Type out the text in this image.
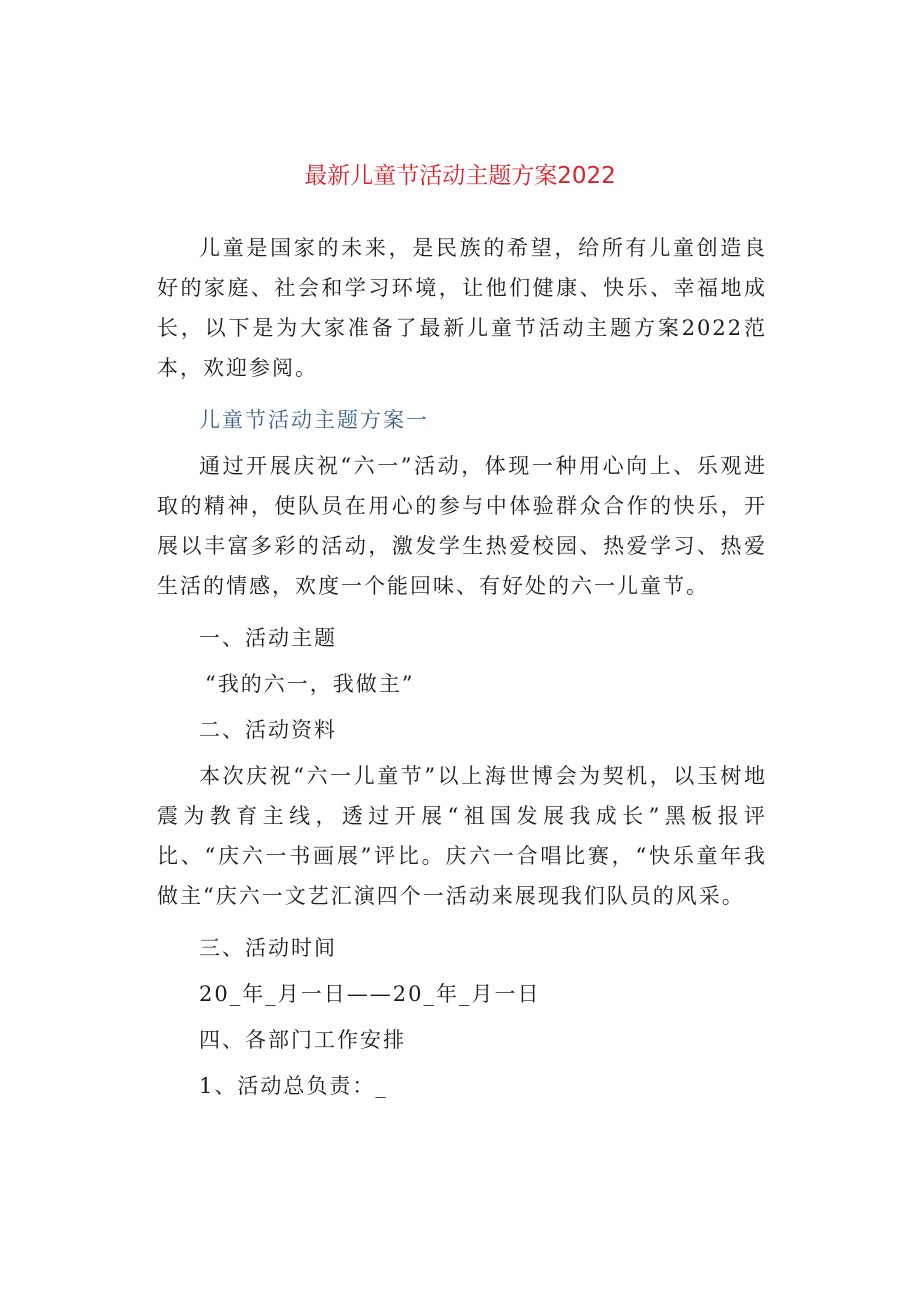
最新儿童节活动主题方案2022

儿童是国家的未来，是民族的希望，给所有儿童创造良好的家庭、社会和学习环境，让他们健康、快乐、幸福地成长，以下是为大家准备了最新儿童节活动主题方案2022范本，欢迎参阅。

儿童节活动主题方案一

通过开展庆祝“六一”活动，体现一种用心向上、乐观进取的精神，使队员在用心的参与中体验群众合作的快乐，开展以丰富多彩的活动，激发学生热爱校园、热爱学习、热爱生活的情感，欢度一个能回味、有好处的六一儿童节。

一、活动主题

“我的六一，我做主”

二、活动资料

本次庆祝“六一儿童节”以上海世博会为契机，以玉树地震为教育主线，透过开展“祖国发展我成长”黑板报评比、“庆六一书画展”评比。庆六一合唱比赛，“快乐童年我做主“庆六一文艺汇演四个一活动来展现我们队员的风采。

三、活动时间

20_年_月一日——20_年_月一日

四、各部门工作安排

1、活动总负责：_
